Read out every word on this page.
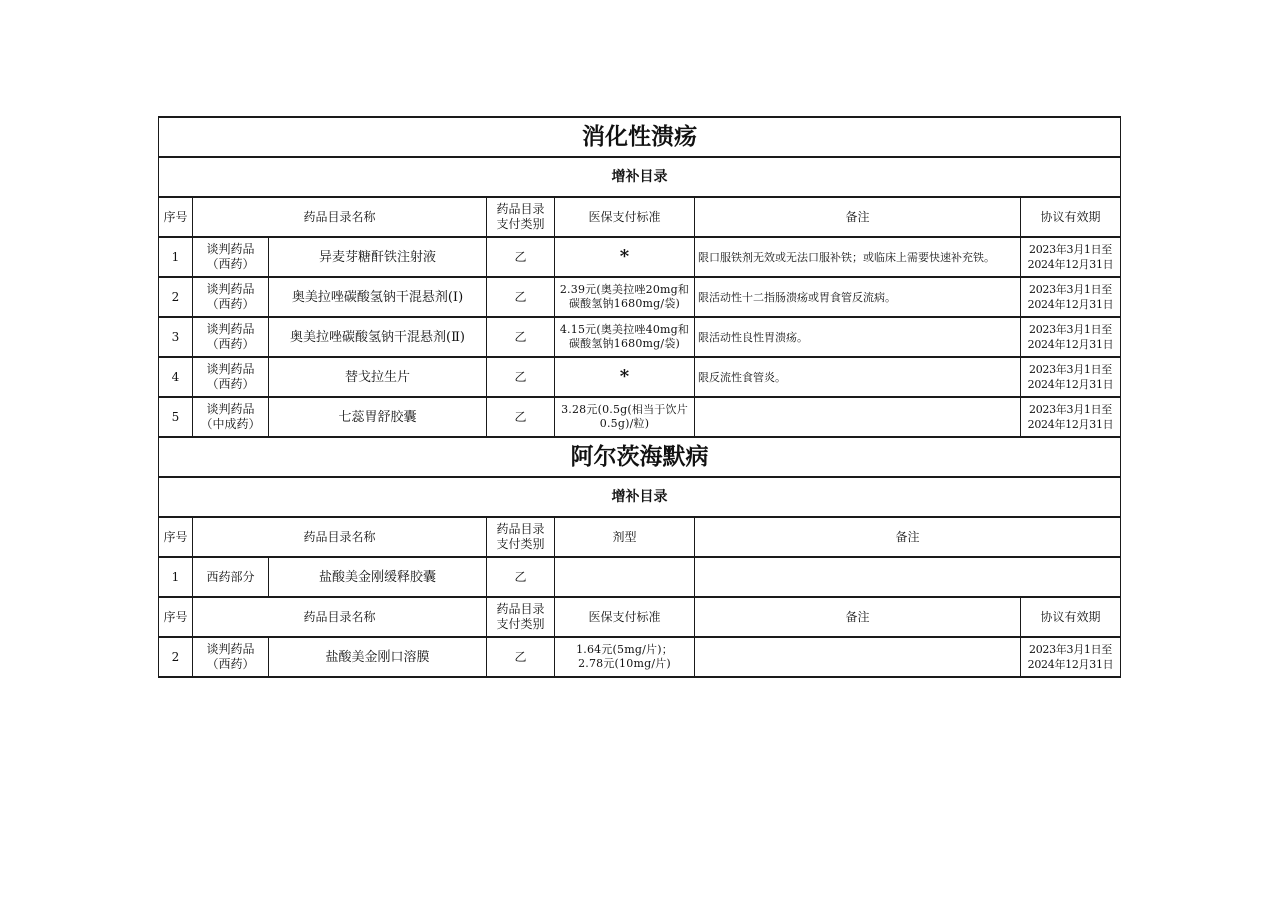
消化性溃疡						
增补目录						
序号	药品目录名称		药品目录
支付类别	医保支付标准	备注	协议有效期
1	谈判药品
（西药）	异麦芽糖酐铁注射液	乙	*	限口服铁剂无效或无法口服补铁；或临床上需要快速补充铁。	2023年3月1日至
2024年12月31日

2	谈判药品
（西药）	奥美拉唑碳酸氢钠干混悬剂(Ⅰ)	乙	2.39元(奥美拉唑20mg和
碳酸氢钠1680mg/袋)	限活动性十二指肠溃疡或胃食管反流病。	2023年3月1日至
2024年12月31日

3	谈判药品
（西药）	奥美拉唑碳酸氢钠干混悬剂(Ⅱ)	乙	4.15元(奥美拉唑40mg和
碳酸氢钠1680mg/袋)	限活动性良性胃溃疡。	2023年3月1日至
2024年12月31日

4	谈判药品
（西药）	替戈拉生片	乙	*	限反流性食管炎。	2023年3月1日至
2024年12月31日

5	谈判药品
（中成药）	七蕊胃舒胶囊	乙	3.28元(0.5g(相当于饮片
0.5g)/粒)		2023年3月1日至
2024年12月31日

阿尔茨海默病						
增补目录						
序号	药品目录名称		药品目录
支付类别	剂型	备注	
1	西药部分	盐酸美金刚缓释胶囊	乙			
序号	药品目录名称		药品目录
支付类别	医保支付标准	备注	协议有效期
2	谈判药品
（西药）	盐酸美金刚口溶膜	乙	1.64元(5mg/片)；
2.78元(10mg/片)		2023年3月1日至
2024年12月31日
